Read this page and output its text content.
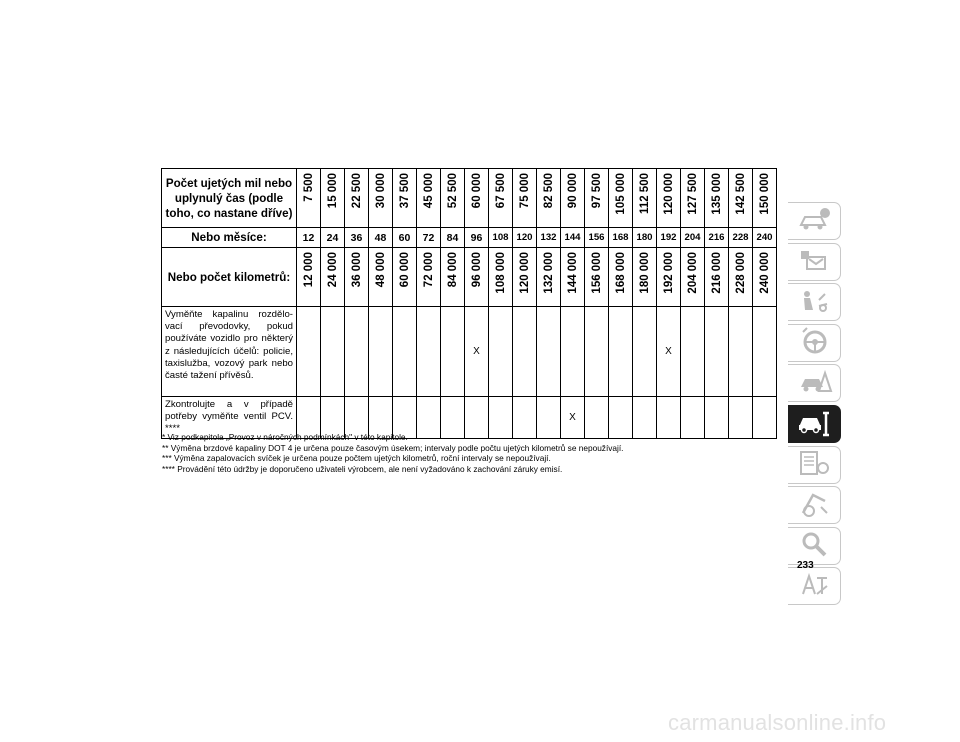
Počet ujetých mil nebo uplynulý čas (podle toho, co nastane dříve)	7 500	15 000	22 500	30 000	37 500	45 000	52 500	60 000	67 500	75 000	82 500	90 000	97 500	105 000	112 500	120 000	127 500	135 000	142 500	150 000

Nebo měsíce:	12	24	36	48	60	72	84	96	108	120	132	144	156	168	180	192	204	216	228	240
Nebo počet kilometrů:	12 000	24 000	36 000	48 000	60 000	72 000	84 000	96 000	108 000	120 000	132 000	144 000	156 000	168 000	180 000	192 000	204 000	216 000	228 000	240 000

Vyměňte kapalinu rozdělo-vací převodovky, pokud používáte vozidlo pro některý z následujících účelů: policie, taxislužba, vozový park nebo časté tažení přívěsů.								X								X				
Zkontrolujte a v případě potřeby vyměňte ventil PCV. ****												X								
* Viz podkapitola „Provoz v náročných podmínkách" v této kapitole.
** Výměna brzdové kapaliny DOT 4 je určena pouze časovým úsekem; intervaly podle počtu ujetých kilometrů se nepoužívají.
*** Výměna zapalovacích svíček je určena pouze počtem ujetých kilometrů, roční intervaly se nepoužívají.
**** Provádění této údržby je doporučeno uživateli výrobcem, ale není vyžadováno k zachování záruky emisí.
233
carmanualsonline.info
